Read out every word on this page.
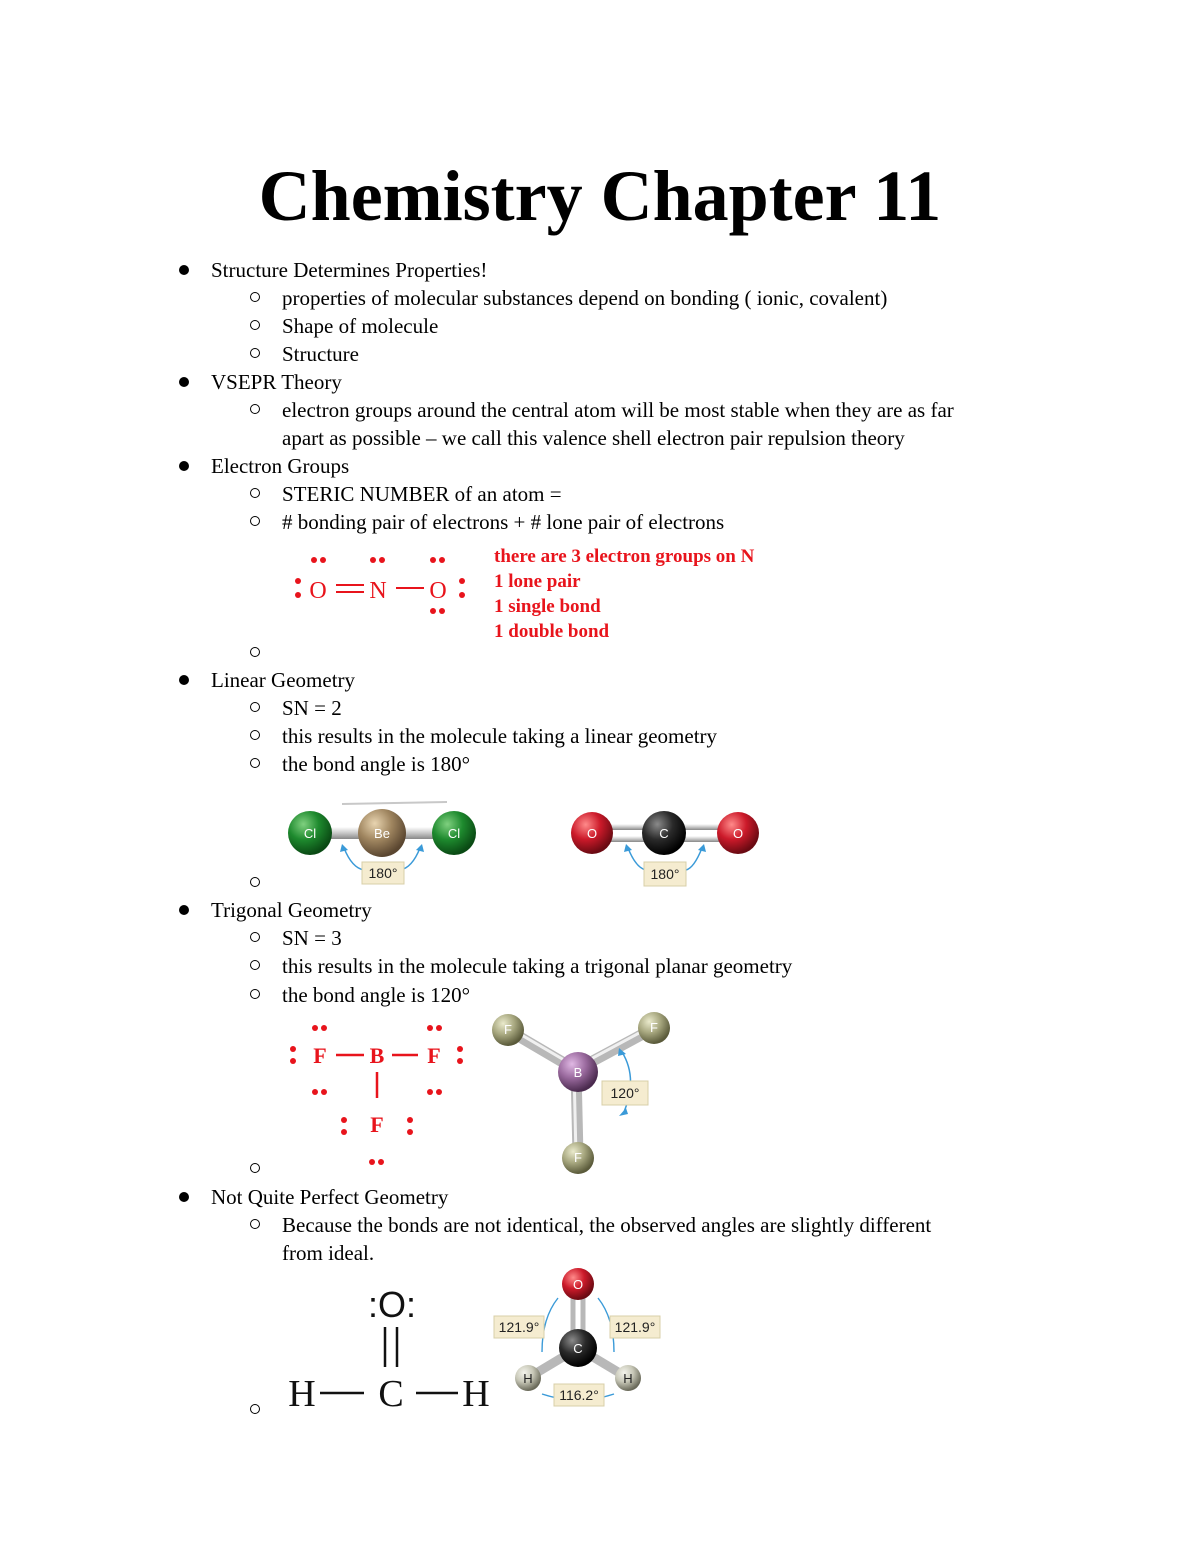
Chemistry Chapter 11
Structure Determines Properties!
properties of molecular substances depend on bonding ( ionic, covalent)
Shape of molecule
Structure
VSEPR Theory
electron groups around the central atom will be most stable when they are as far
apart as possible – we call this valence shell electron pair repulsion theory
Electron Groups
STERIC NUMBER of an atom =
# bonding pair of electrons + # lone pair of electrons
O N O
there are 3 electron groups on N
1 lone pair
1 single bond
1 double bond
Linear Geometry
SN = 2
this results in the molecule taking a linear geometry
the bond angle is 180°
Cl	Be	Cl
180°
O	C	O
180°
Trigonal Geometry
SN = 3
this results in the molecule taking a trigonal planar geometry
the bond angle is 120°
F B F
F
F	F
F
B
120°
Not Quite Perfect Geometry
Because the bonds are not identical, the observed angles are slightly different
from ideal.
:O:
H C H
O
C
H	H
121.9°	121.9°
116.2°
